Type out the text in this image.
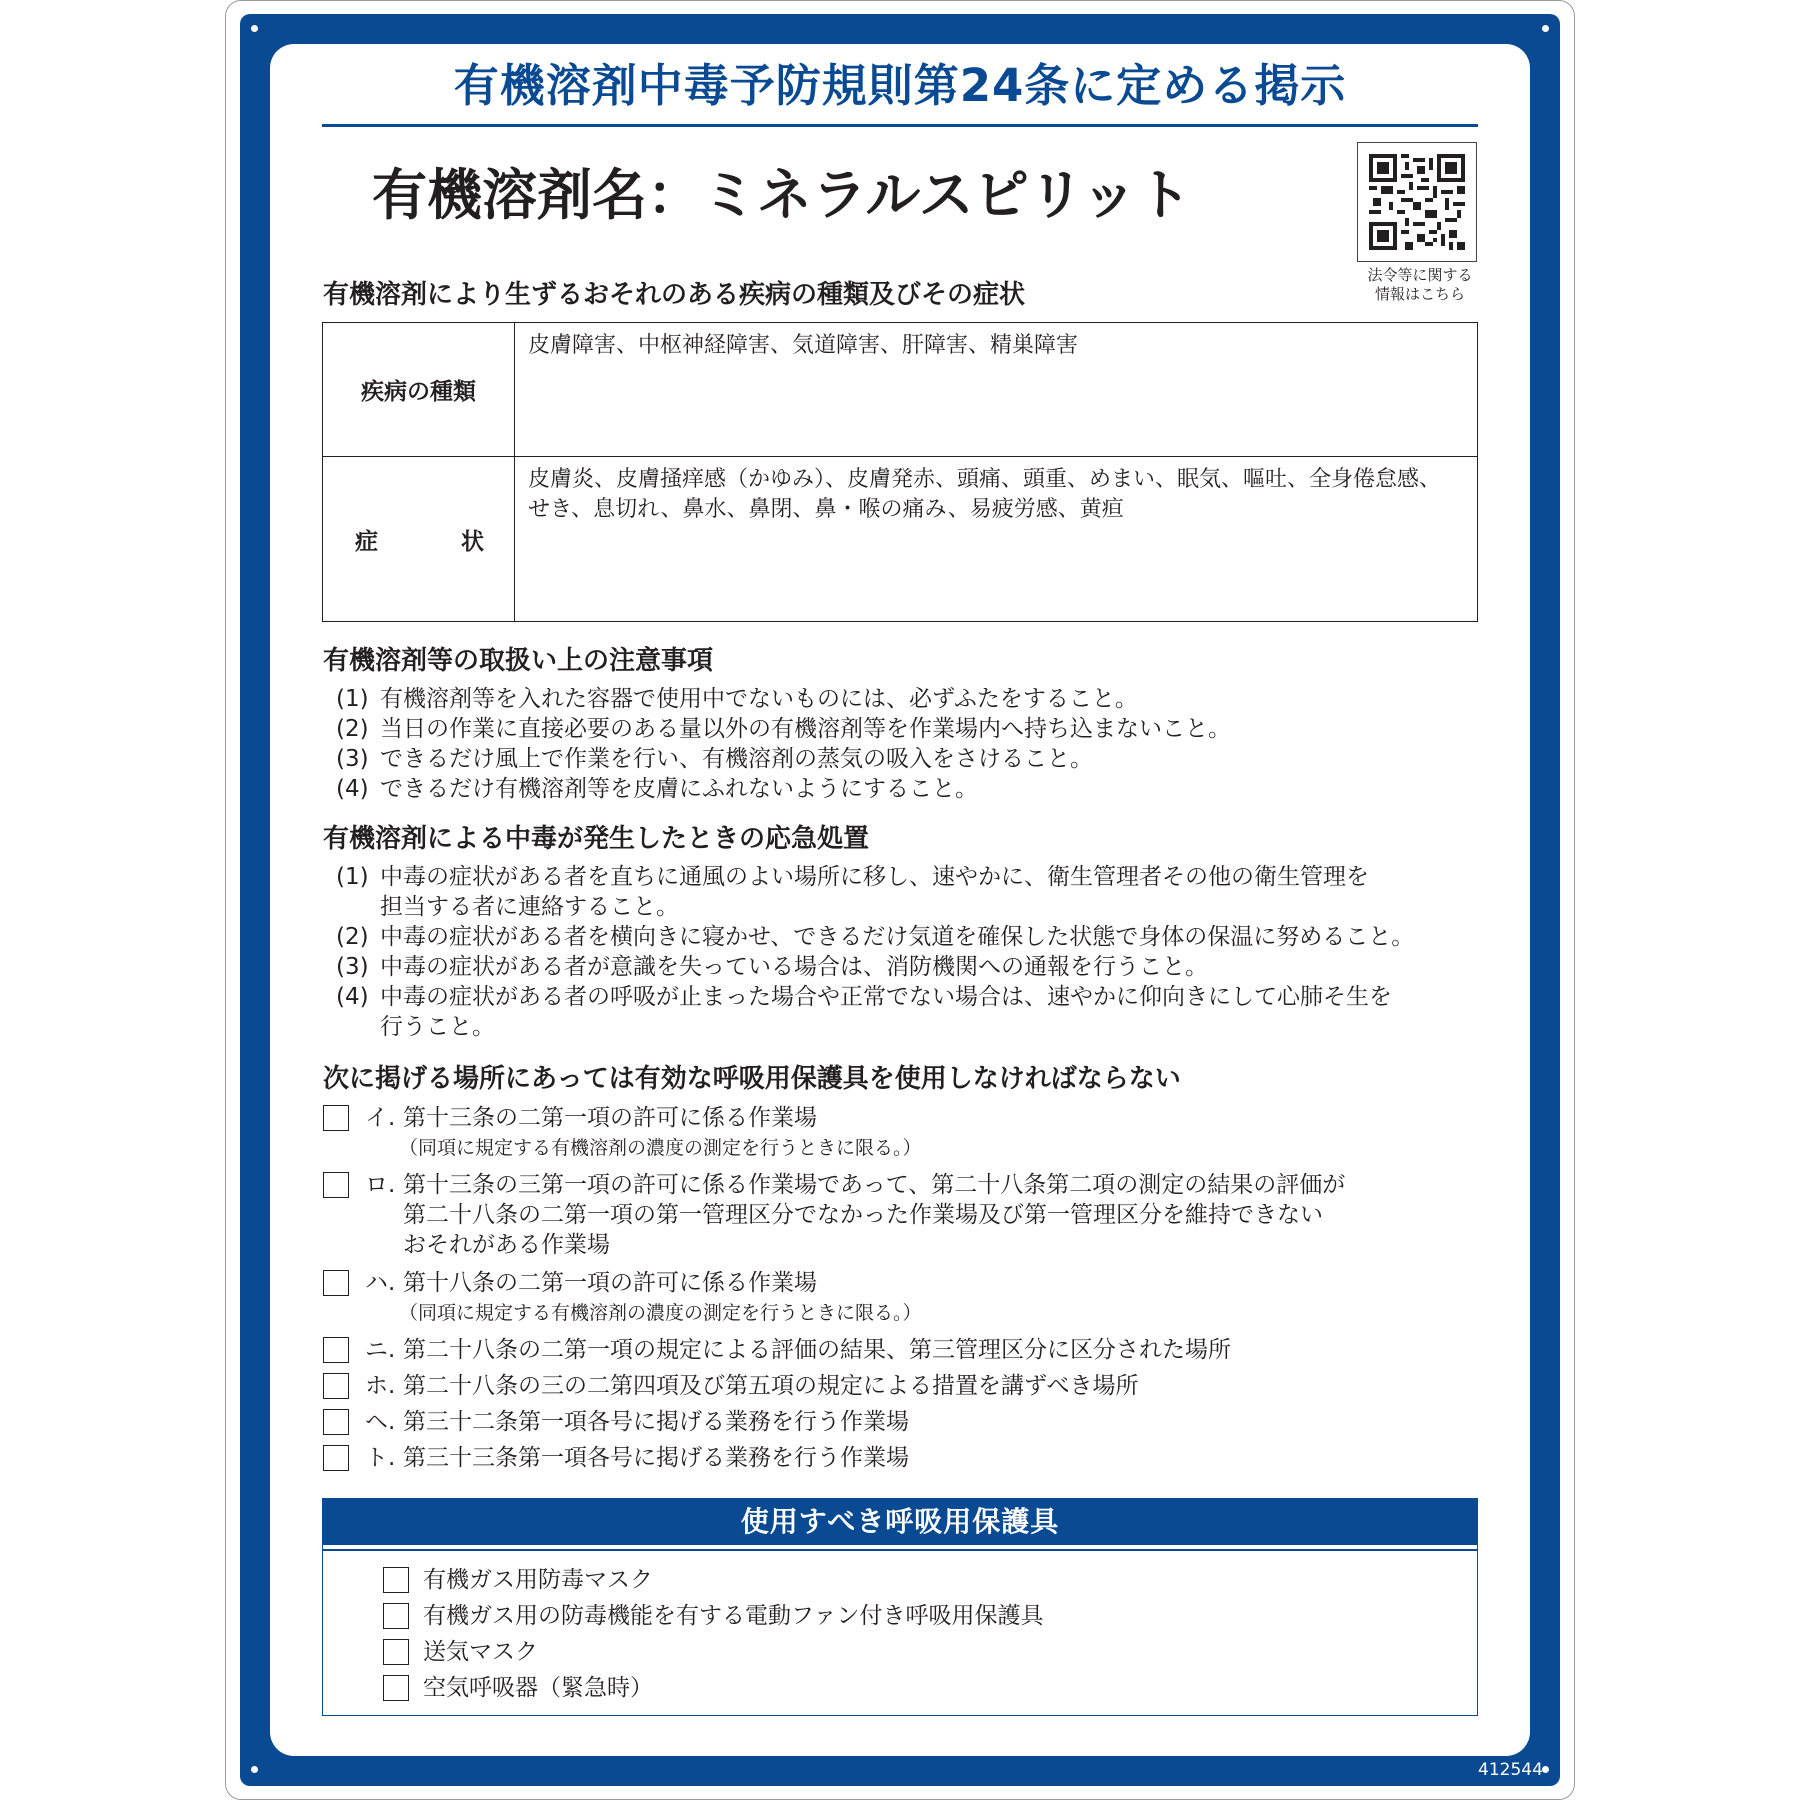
412544
有機溶剤中毒予防規則第24条に定める掲示
有機溶剤名：ミネラルスピリット
法令等に関する
情報はこちら
有機溶剤により生ずるおそれのある疾病の種類及びその症状
疾病の種類
皮膚障害、中枢神経障害、気道障害、肝障害、精巣障害
症	状
皮膚炎、皮膚掻痒感（かゆみ）、皮膚発赤、頭痛、頭重、めまい、眠気、嘔吐、全身倦怠感、
せき、息切れ、鼻水、鼻閉、鼻・喉の痛み、易疲労感、黄疸
有機溶剤等の取扱い上の注意事項
(1) 有機溶剤等を入れた容器で使用中でないものには、必ずふたをすること。
(2) 当日の作業に直接必要のある量以外の有機溶剤等を作業場内へ持ち込まないこと。
(3) できるだけ風上で作業を行い、有機溶剤の蒸気の吸入をさけること。
(4) できるだけ有機溶剤等を皮膚にふれないようにすること。
有機溶剤による中毒が発生したときの応急処置
(1) 中毒の症状がある者を直ちに通風のよい場所に移し、速やかに、衛生管理者その他の衛生管理を
担当する者に連絡すること。
(2) 中毒の症状がある者を横向きに寝かせ、できるだけ気道を確保した状態で身体の保温に努めること。
(3) 中毒の症状がある者が意識を失っている場合は、消防機関への通報を行うこと。
(4) 中毒の症状がある者の呼吸が止まった場合や正常でない場合は、速やかに仰向きにして心肺そ生を
行うこと。
次に掲げる場所にあっては有効な呼吸用保護具を使用しなければならない
イ. 第十三条の二第一項の許可に係る作業場
（同項に規定する有機溶剤の濃度の測定を行うときに限る。）
ロ. 第十三条の三第一項の許可に係る作業場であって、第二十八条第二項の測定の結果の評価が
第二十八条の二第一項の第一管理区分でなかった作業場及び第一管理区分を維持できない
おそれがある作業場
ハ. 第十八条の二第一項の許可に係る作業場
（同項に規定する有機溶剤の濃度の測定を行うときに限る。）
ニ. 第二十八条の二第一項の規定による評価の結果、第三管理区分に区分された場所
ホ. 第二十八条の三の二第四項及び第五項の規定による措置を講ずべき場所
ヘ. 第三十二条第一項各号に掲げる業務を行う作業場
ト. 第三十三条第一項各号に掲げる業務を行う作業場
使用すべき呼吸用保護具
有機ガス用防毒マスク
有機ガス用の防毒機能を有する電動ファン付き呼吸用保護具
送気マスク
空気呼吸器（緊急時）
